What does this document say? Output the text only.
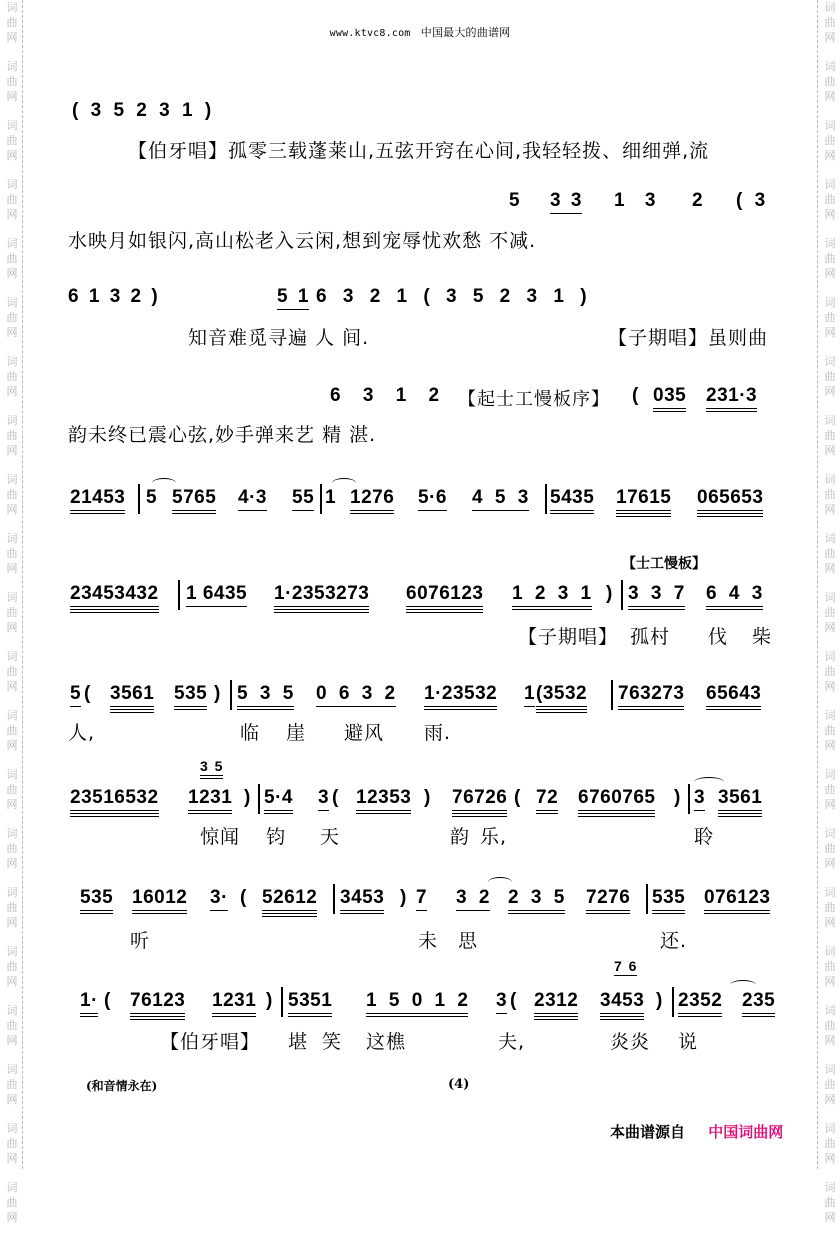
词
曲
网
词
曲
网
词
曲
网
词
曲
网
词
曲
网
词
曲
网
词
曲
网
词
曲
网
词
曲
网
词
曲
网
词
曲
网
词
曲
网
词
曲
网
词
曲
网
词
曲
网
词
曲
网
词
曲
网
词
曲
网
词
曲
网
词
曲
网
词
曲
网
词
曲
网
词
曲
网
词
曲
网
词
曲
网
词
曲
网
词
曲
网
词
曲
网
词
曲
网
词
曲
网
词
曲
网
词
曲
网
词
曲
网
词
曲
网
词
曲
网
词
曲
网
词
曲
网
词
曲
网
词
曲
网
词
曲
网
词
曲
网
词
曲
网
www.ktvc8.com 中国最大的曲谱网
( 3 5 2 3 1 )
【伯牙唱】孤零三载蓬莱山,五弦开窍在心间,我轻轻拨、细细弹,流
5 3 3 1 3 2 ( 3
水映月如银闪,高山松老入云闲,想到宠辱忧欢愁 不减.
6 1 3 2 )	5 1 6 3 2 1 ( 3 5 2 3 1 )
知音难觅寻遍 人 间.	【子期唱】虽则曲
6 3 1 2 【起士工慢板序】 ( 035 231·3
韵未终已震心弦,妙手弹来艺 精 湛.
21453 5 5765 4·3 55 1 1276 5·6 4 5 3 5435 17615 065653
【士工慢板】
23453432 1 6435 1·2353273 6076123 1 2 3 1 ) 3 3 7 6 4 3
【子期唱】 孤村 伐 柴
5 ( 3561 535 ) 5 3 5 0 6 3 2 1·23532 1 (3532 763273 65643
人,	临 崖 避风 雨.
3 5
23516532 1231 ) 5·4 3 ( 12353 ) 76726 ( 72 6760765 ) 3 3561
惊闻 钧 天	韵 乐,	聆
535 16012 3· ( 52612 3453 ) 7 3 2 2 3 5 7276 535 076123
听	未 思	还.
7 6
1· ( 76123 1231 ) 5351 1 5 0 1 2 3 ( 2312 3453 ) 2352 235
【伯牙唱】 堪 笑 这樵	夫,	炎炎 说
(和音情永在)	(4)
本曲谱源自 中国词曲网
